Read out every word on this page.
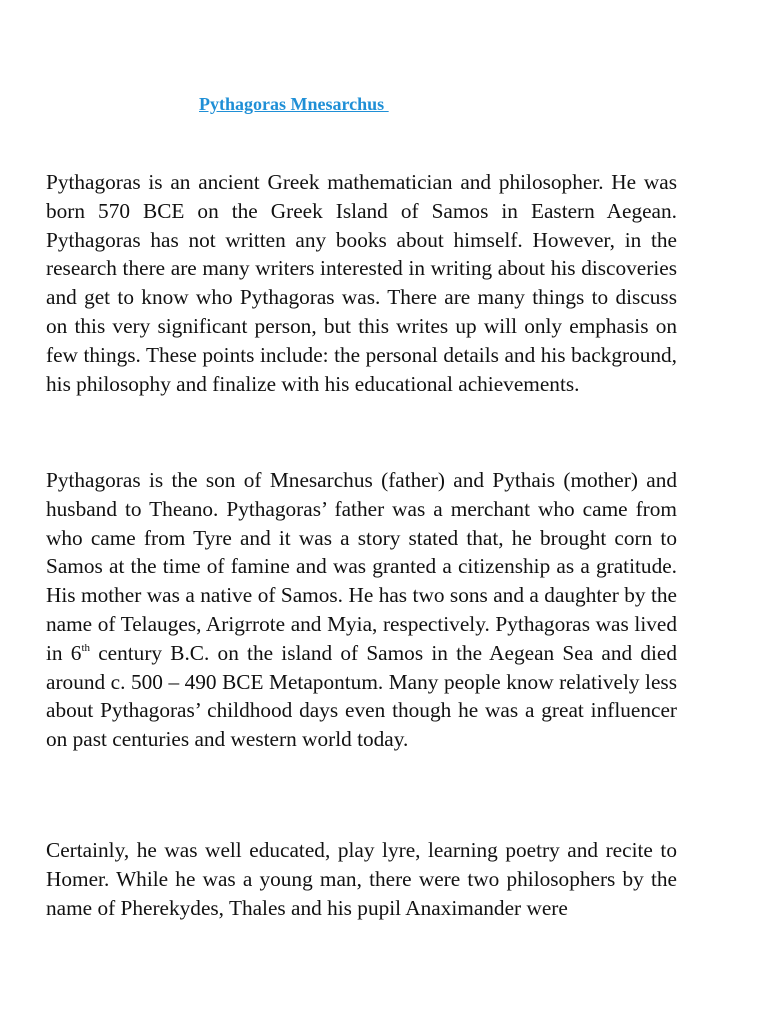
Pythagoras Mnesarchus

Pythagoras is an ancient Greek mathematician and philosopher. He was born 570 BCE on the Greek Island of Samos in Eastern Aegean. Pythagoras has not written any books about himself. However, in the research there are many writers interested in writing about his discoveries and get to know who Pythagoras was. There are many things to discuss on this very significant person, but this writes up will only emphasis on few things. These points include: the personal details and his background, his philosophy and finalize with his educational achievements.

Pythagoras is the son of Mnesarchus (father) and Pythais (mother) and husband to Theano. Pythagoras’ father was a merchant who came from who came from Tyre and it was a story stated that, he brought corn to Samos at the time of famine and was granted a citizenship as a gratitude. His mother was a native of Samos. He has two sons and a daughter by the name of Telauges, Arigrrote and Myia, respectively. Pythagoras was lived in 6th century B.C. on the island of Samos in the Aegean Sea and died around c. 500 – 490 BCE Metapontum. Many people know relatively less about Pythagoras’ childhood days even though he was a great influencer on past centuries and western world today.

Certainly, he was well educated, play lyre, learning poetry and recite to Homer. While he was a young man, there were two philosophers by the name of Pherekydes, Thales and his pupil Anaximander were
